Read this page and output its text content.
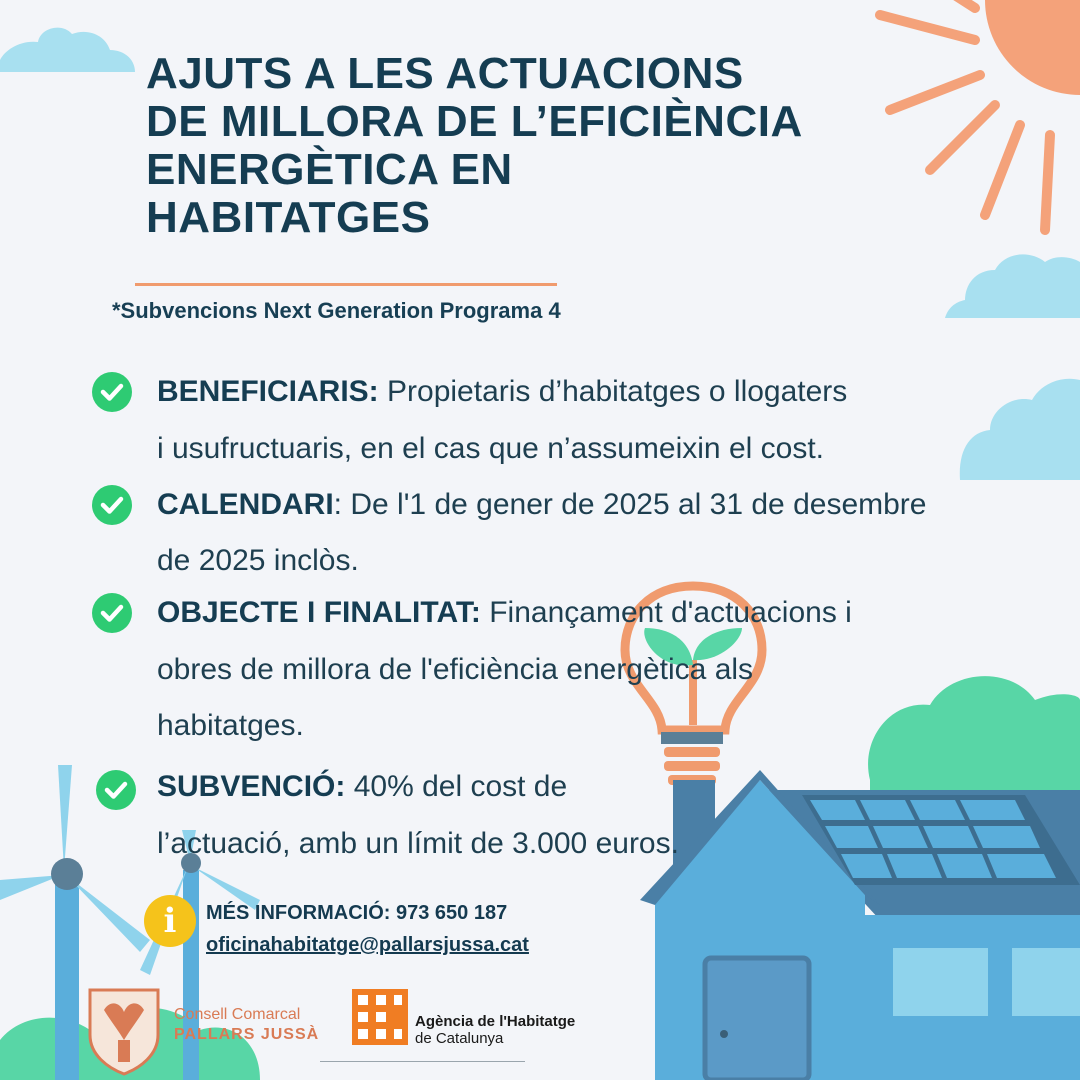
AJUTS A LES ACTUACIONS
DE MILLORA DE L’EFICIÈNCIA
ENERGÈTICA EN
HABITATGES
*Subvencions Next Generation Programa 4
BENEFICIARIS: Propietaris d’habitatges o llogaters
i usufructuaris, en el cas que n’assumeixin el cost.
CALENDARI: De l'1 de gener de 2025 al 31 de desembre
de 2025 inclòs.
OBJECTE I FINALITAT: Finançament d'actuacions i
obres de millora de l'eficiència energètica als
habitatges.
SUBVENCIÓ: 40% del cost de
l’actuació, amb un límit de 3.000 euros.
i	MÉS INFORMACIÓ: 973 650 187
oficinahabitatge@pallarsjussa.cat
Consell Comarcal
PALLARS JUSSÀ
Agència de l'Habitatge
de Catalunya
